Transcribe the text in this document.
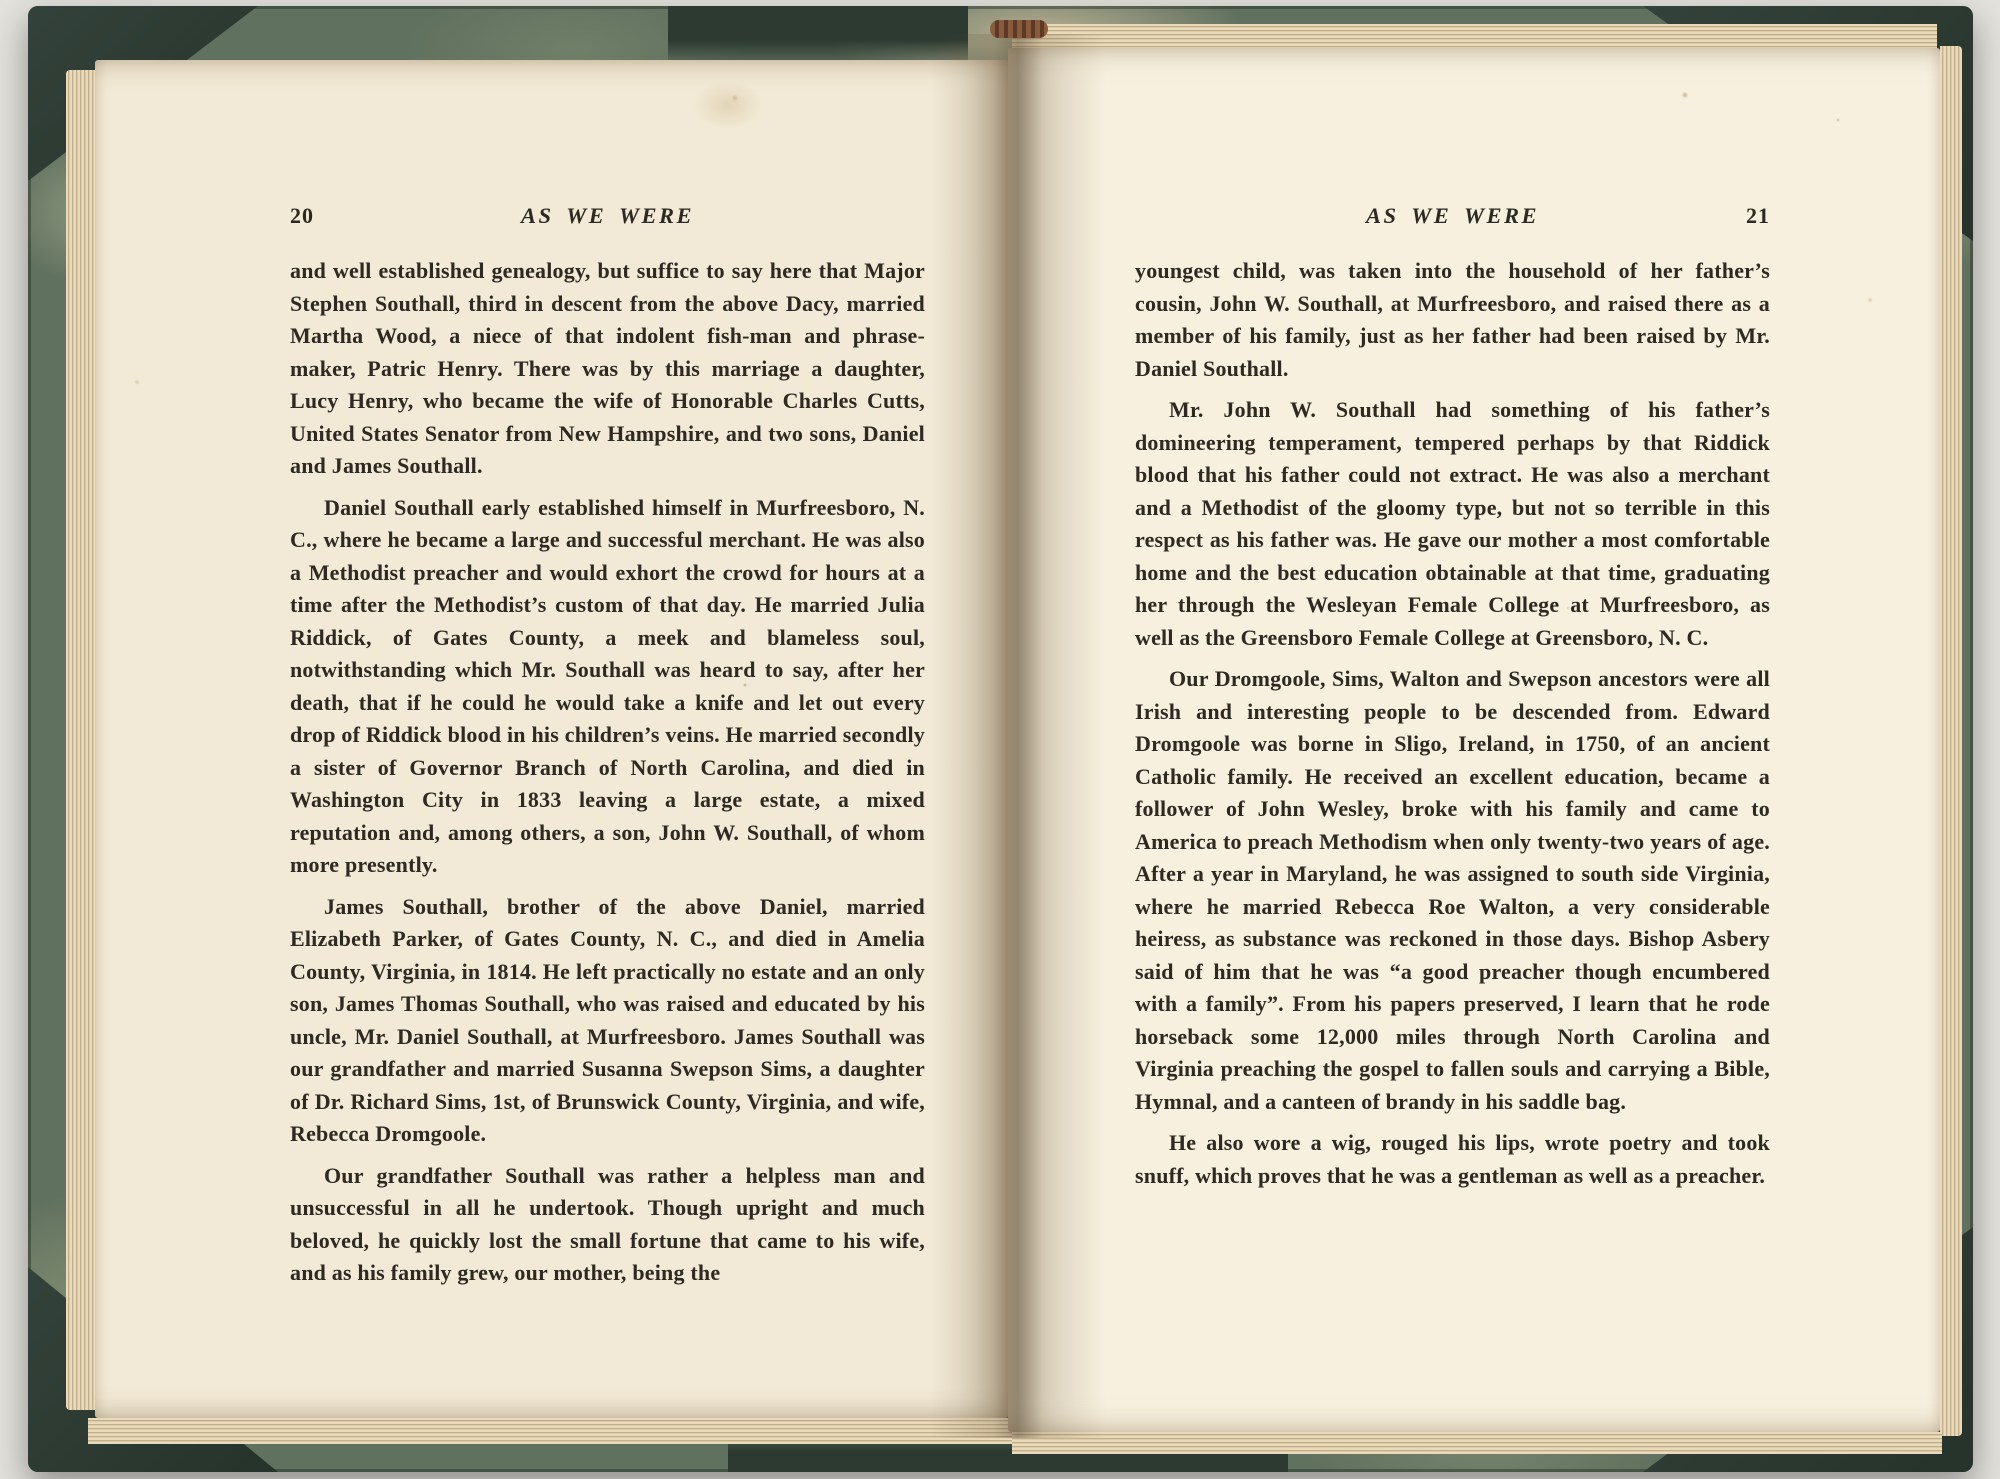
20	AS WE WERE

and well established genealogy, but suffice to say here that Major Stephen Southall, third in descent from the above Dacy, married Martha Wood, a niece of that indolent fish-man and phrase-maker, Patric Henry. There was by this marriage a daughter, Lucy Henry, who became the wife of Honorable Charles Cutts, United States Senator from New Hampshire, and two sons, Daniel and James Southall.

Daniel Southall early established himself in Murfreesboro, N. C., where he became a large and successful merchant. He was also a Methodist preacher and would exhort the crowd for hours at a time after the Methodist’s custom of that day. He married Julia Riddick, of Gates County, a meek and blameless soul, notwithstanding which Mr. Southall was heard to say, after her death, that if he could he would take a knife and let out every drop of Riddick blood in his children’s veins. He married secondly a sister of Governor Branch of North Carolina, and died in Washington City in 1833 leaving a large estate, a mixed reputation and, among others, a son, John W. Southall, of whom more presently.

James Southall, brother of the above Daniel, married Elizabeth Parker, of Gates County, N. C., and died in Amelia County, Virginia, in 1814. He left practically no estate and an only son, James Thomas Southall, who was raised and educated by his uncle, Mr. Daniel Southall, at Murfreesboro. James Southall was our grandfather and married Susanna Swepson Sims, a daughter of Dr. Richard Sims, 1st, of Brunswick County, Virginia, and wife, Rebecca Dromgoole.

Our grandfather Southall was rather a helpless man and unsuccessful in all he undertook. Though upright and much beloved, he quickly lost the small fortune that came to his wife, and as his family grew, our mother, being the

AS WE WERE	21

youngest child, was taken into the household of her father’s cousin, John W. Southall, at Murfreesboro, and raised there as a member of his family, just as her father had been raised by Mr. Daniel Southall.

Mr. John W. Southall had something of his father’s domineering temperament, tempered perhaps by that Riddick blood that his father could not extract. He was also a merchant and a Methodist of the gloomy type, but not so terrible in this respect as his father was. He gave our mother a most comfortable home and the best education obtainable at that time, graduating her through the Wesleyan Female College at Murfreesboro, as well as the Greensboro Female College at Greensboro, N. C.

Our Dromgoole, Sims, Walton and Swepson ancestors were all Irish and interesting people to be descended from. Edward Dromgoole was borne in Sligo, Ireland, in 1750, of an ancient Catholic family. He received an excellent education, became a follower of John Wesley, broke with his family and came to America to preach Methodism when only twenty-two years of age. After a year in Maryland, he was assigned to south side Virginia, where he married Rebecca Roe Walton, a very considerable heiress, as substance was reckoned in those days. Bishop Asbery said of him that he was “a good preacher though encumbered with a family”. From his papers preserved, I learn that he rode horseback some 12,000 miles through North Carolina and Virginia preaching the gospel to fallen souls and carrying a Bible, Hymnal, and a canteen of brandy in his saddle bag.

He also wore a wig, rouged his lips, wrote poetry and took snuff, which proves that he was a gentleman as well as a preacher.
